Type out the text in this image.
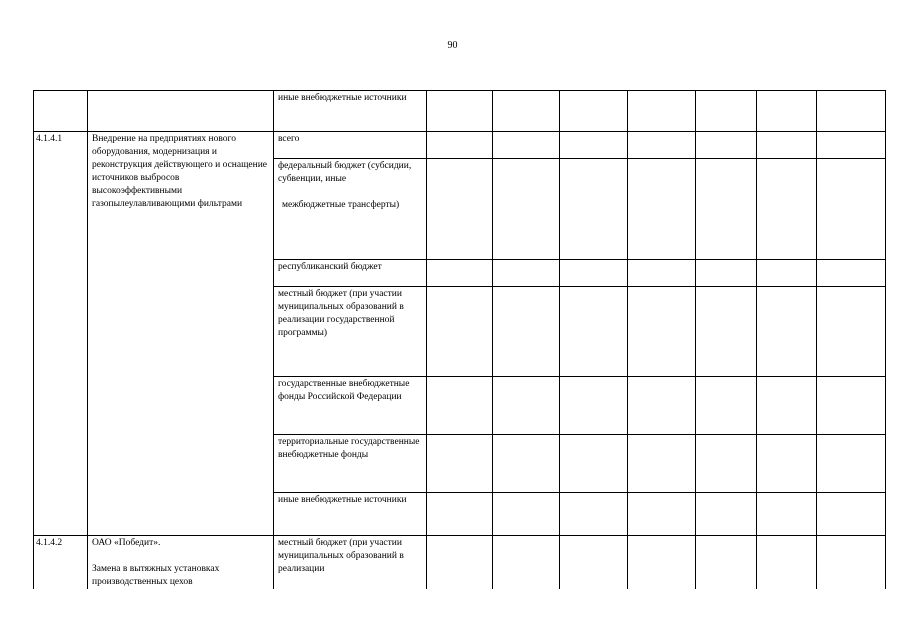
90
		иные внебюджетные источники							
4.1.4.1	Внедрение на предприятиях нового оборудования, модернизация и реконструкция действующего и оснащение источников выбросов высокоэффективными газопылеулавливающими фильтрами	всего							
		федеральный бюджет (субсидии, субвенции, иные
межбюджетные трансферты)							
		республиканский бюджет							
		местный бюджет (при участии муниципальных образований в реализации государственной программы)							
		государственные внебюджетные фонды Российской Федерации							
		территориальные государственные внебюджетные фонды							
		иные внебюджетные источники							
4.1.4.2	ОАО «Победит».
Замена в вытяжных установках производственных цехов	местный бюджет (при участии муниципальных образований в реализации							
